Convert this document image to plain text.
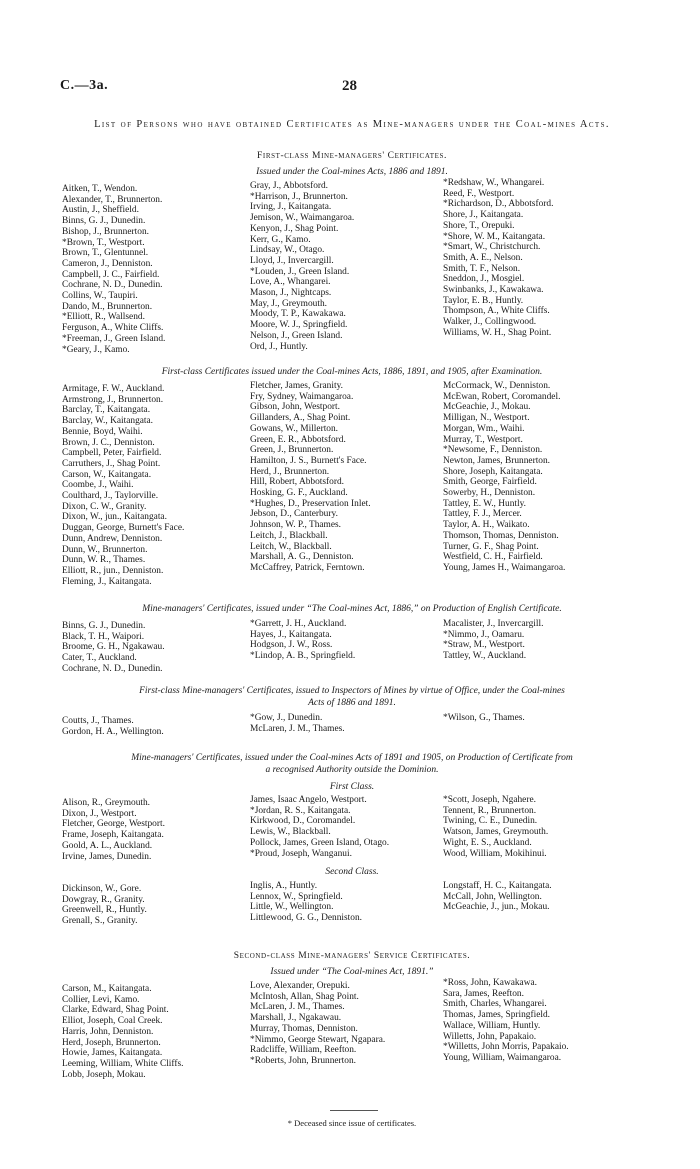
C.—3a.	28
List of Persons who have obtained Certificates as Mine-managers under the Coal-mines Acts.
First-class Mine-managers' Certificates.
Issued under the Coal-mines Acts, 1886 and 1891.
Aitken, T., Wendon.
Alexander, T., Brunnerton.
Austin, J., Sheffield.
Binns, G. J., Dunedin.
Bishop, J., Brunnerton.
*Brown, T., Westport.
Brown, T., Glentunnel.
Cameron, J., Denniston.
Campbell, J. C., Fairfield.
Cochrane, N. D., Dunedin.
Collins, W., Taupiri.
Dando, M., Brunnerton.
*Elliott, R., Wallsend.
Ferguson, A., White Cliffs.
*Freeman, J., Green Island.
*Geary, J., Kamo.
Gray, J., Abbotsford.
*Harrison, J., Brunnerton.
Irving, J., Kaitangata.
Jemison, W., Waimangaroa.
Kenyon, J., Shag Point.
Kerr, G., Kamo.
Lindsay, W., Otago.
Lloyd, J., Invercargill.
*Louden, J., Green Island.
Love, A., Whangarei.
Mason, J., Nightcaps.
May, J., Greymouth.
Moody, T. P., Kawakawa.
Moore, W. J., Springfield.
Nelson, J., Green Island.
Ord, J., Huntly.
*Redshaw, W., Whangarei.
Reed, F., Westport.
*Richardson, D., Abbotsford.
Shore, J., Kaitangata.
Shore, T., Orepuki.
*Shore, W. M., Kaitangata.
*Smart, W., Christchurch.
Smith, A. E., Nelson.
Smith, T. F., Nelson.
Sneddon, J., Mosgiel.
Swinbanks, J., Kawakawa.
Taylor, E. B., Huntly.
Thompson, A., White Cliffs.
Walker, J., Collingwood.
Williams, W. H., Shag Point.
First-class Certificates issued under the Coal-mines Acts, 1886, 1891, and 1905, after Examination.
Armitage, F. W., Auckland.
Armstrong, J., Brunnerton.
Barclay, T., Kaitangata.
Barclay, W., Kaitangata.
Bennie, Boyd, Waihi.
Brown, J. C., Denniston.
Campbell, Peter, Fairfield.
Carruthers, J., Shag Point.
Carson, W., Kaitangata.
Coombe, J., Waihi.
Coulthard, J., Taylorville.
Dixon, C. W., Granity.
Dixon, W., jun., Kaitangata.
Duggan, George, Burnett's Face.
Dunn, Andrew, Denniston.
Dunn, W., Brunnerton.
Dunn, W. R., Thames.
Elliott, R., jun., Denniston.
Fleming, J., Kaitangata.
Fletcher, James, Granity.
Fry, Sydney, Waimangaroa.
Gibson, John, Westport.
Gillanders, A., Shag Point.
Gowans, W., Millerton.
Green, E. R., Abbotsford.
Green, J., Brunnerton.
Hamilton, J. S., Burnett's Face.
Herd, J., Brunnerton.
Hill, Robert, Abbotsford.
Hosking, G. F., Auckland.
*Hughes, D., Preservation Inlet.
Jebson, D., Canterbury.
Johnson, W. P., Thames.
Leitch, J., Blackball.
Leitch, W., Blackball.
Marshall, A. G., Denniston.
McCaffrey, Patrick, Ferntown.
McCormack, W., Denniston.
McEwan, Robert, Coromandel.
McGeachie, J., Mokau.
Milligan, N., Westport.
Morgan, Wm., Waihi.
Murray, T., Westport.
*Newsome, F., Denniston.
Newton, James, Brunnerton.
Shore, Joseph, Kaitangata.
Smith, George, Fairfield.
Sowerby, H., Denniston.
Tattley, E. W., Huntly.
Tattley, F. J., Mercer.
Taylor, A. H., Waikato.
Thomson, Thomas, Denniston.
Turner, G. F., Shag Point.
Westfield, C. H., Fairfield.
Young, James H., Waimangaroa.
Mine-managers' Certificates, issued under “The Coal-mines Act, 1886,” on Production of English Certificate.
Binns, G. J., Dunedin.
Black, T. H., Waipori.
Broome, G. H., Ngakawau.
Cater, T., Auckland.
Cochrane, N. D., Dunedin.
*Garrett, J. H., Auckland.
Hayes, J., Kaitangata.
Hodgson, J. W., Ross.
*Lindop, A. B., Springfield.
Macalister, J., Invercargill.
*Nimmo, J., Oamaru.
*Straw, M., Westport.
Tattley, W., Auckland.
First-class Mine-managers' Certificates, issued to Inspectors of Mines by virtue of Office, under the Coal-mines
Acts of 1886 and 1891.
Coutts, J., Thames.
Gordon, H. A., Wellington.
*Gow, J., Dunedin.
McLaren, J. M., Thames.
*Wilson, G., Thames.
Mine-managers' Certificates, issued under the Coal-mines Acts of 1891 and 1905, on Production of Certificate from
a recognised Authority outside the Dominion.
First Class.
Alison, R., Greymouth.
Dixon, J., Westport.
Fletcher, George, Westport.
Frame, Joseph, Kaitangata.
Goold, A. L., Auckland.
Irvine, James, Dunedin.
James, Isaac Angelo, Westport.
*Jordan, R. S., Kaitangata.
Kirkwood, D., Coromandel.
Lewis, W., Blackball.
Pollock, James, Green Island, Otago.
*Proud, Joseph, Wanganui.
*Scott, Joseph, Ngahere.
Tennent, R., Brunnerton.
Twining, C. E., Dunedin.
Watson, James, Greymouth.
Wight, E. S., Auckland.
Wood, William, Mokihinui.
Second Class.
Dickinson, W., Gore.
Dowgray, R., Granity.
Greenwell, R., Huntly.
Grenall, S., Granity.
Inglis, A., Huntly.
Lennox, W., Springfield.
Little, W., Wellington.
Littlewood, G. G., Denniston.
Longstaff, H. C., Kaitangata.
McCall, John, Wellington.
McGeachie, J., jun., Mokau.
Second-class Mine-managers' Service Certificates.
Issued under “The Coal-mines Act, 1891.”
Carson, M., Kaitangata.
Collier, Levi, Kamo.
Clarke, Edward, Shag Point.
Elliot, Joseph, Coal Creek.
Harris, John, Denniston.
Herd, Joseph, Brunnerton.
Howie, James, Kaitangata.
Leeming, William, White Cliffs.
Lobb, Joseph, Mokau.
Love, Alexander, Orepuki.
McIntosh, Allan, Shag Point.
McLaren, J. M., Thames.
Marshall, J., Ngakawau.
Murray, Thomas, Denniston.
*Nimmo, George Stewart, Ngapara.
Radcliffe, William, Reefton.
*Roberts, John, Brunnerton.
*Ross, John, Kawakawa.
Sara, James, Reefton.
Smith, Charles, Whangarei.
Thomas, James, Springfield.
Wallace, William, Huntly.
Willetts, John, Papakaio.
*Willetts, John Morris, Papakaio.
Young, William, Waimangaroa.
* Deceased since issue of certificates.
